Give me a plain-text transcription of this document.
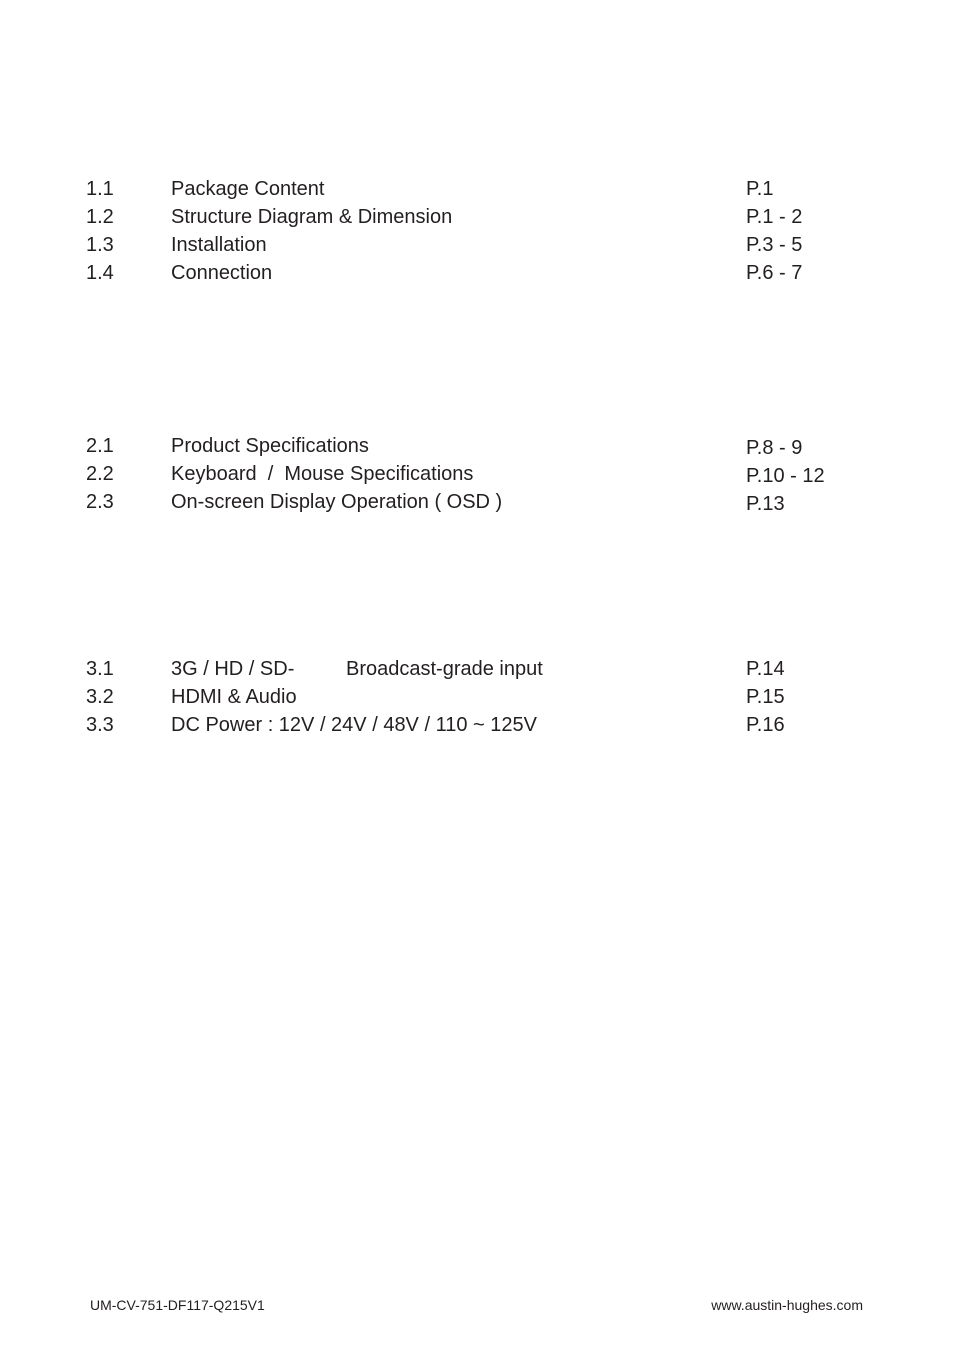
1.1	Package Content	P.1
1.2	Structure Diagram & Dimension	P.1 - 2
1.3	Installation	P.3 - 5
1.4	Connection	P.6 - 7
2.1	Product Specifications	P.8 - 9
2.2	Keyboard  /  Mouse Specifications	P.10 - 12
2.3	On-screen Display Operation ( OSD )	P.13
3.1	3G / HD / SD-	Broadcast-grade input	P.14
3.2	HDMI & Audio	P.15
3.3	DC Power : 12V / 24V / 48V / 110 ~ 125V	P.16
UM-CV-751-DF117-Q215V1	www.austin-hughes.com
